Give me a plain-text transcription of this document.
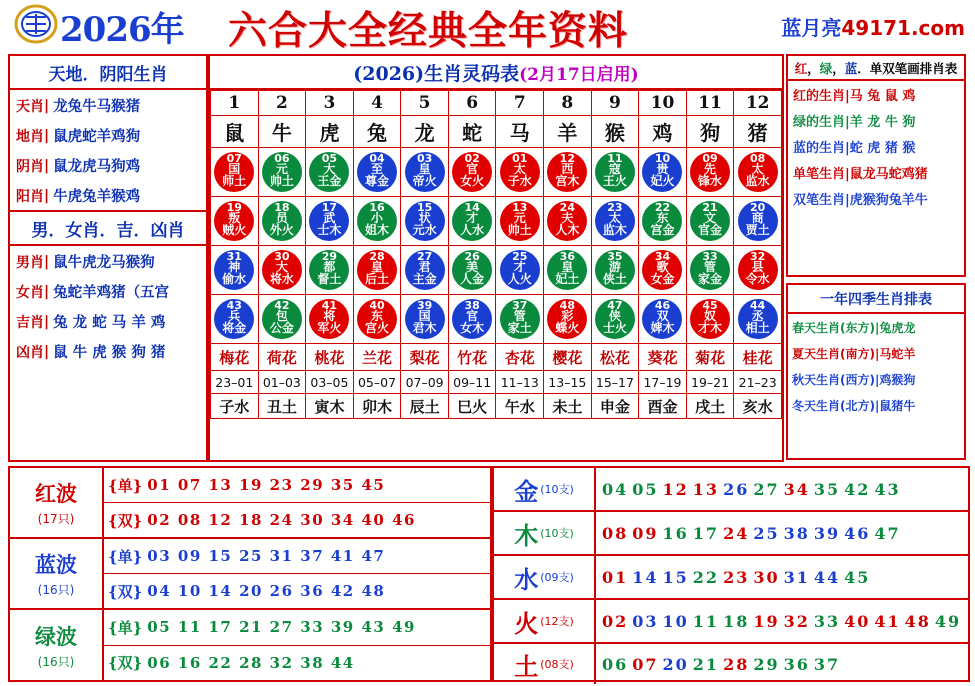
2026年 六合大全经典全年资料	蓝月亮49171.com
天地．阴阳生肖
天肖 | 龙兔牛马猴猪
地肖 | 鼠虎蛇羊鸡狗
阴肖 | 鼠龙虎马狗鸡
阳肖 | 牛虎兔羊猴鸡
男．女肖．吉．凶肖
男肖 | 鼠牛虎龙马猴狗
女肖 | 兔蛇羊鸡猪（五宫
吉肖 | 兔 龙 蛇 马 羊 鸡
凶肖 | 鼠 牛 虎 猴 狗 猪
(2026)生肖灵码表(2月17日启用)
1	2	3	4	5	6	7	8	9	10	11	12
鼠	牛	虎	兔	龙	蛇	马	羊	猴	鸡	狗	猪

07
国
师土	06
元
帅土	05
大
王金	04
至
尊金	03
皇
帝火	02
官
女火	01
太
子水	12
西
宫木	11
寇
王火	10
贵
妃火	09
先
锋水	08
太
监水

19
叛
贼火	18
员
外火	17
武
士木	16
小
姐木	15
状
元水	14
才
人水	13
元
帅土	24
夫
人木	23
太
监木	22
东
宫金	21
文
官金	20
商
贾土

31
神
偷水	30
大
将水	29
都
督土	28
皇
后土	27
君
主金	26
美
人金	25
才
人火	36
皇
妃土	35
游
侠土	34
歌
女金	33
管
家金	32
县
令水

43
兵
将金	42
包
公金	41
将
军火	40
东
宫火	39
国
君木	38
官
女木	37
管
家土	48
彩
蝶火	47
侠
士火	46
双
婢木	45
奴
才木	44
丞
相土

梅花	荷花	桃花	兰花	梨花	竹花	杏花	樱花	松花	葵花	菊花	桂花
23–01	01–03	03–05	05–07	07–09	09–11	11–13	13–15	15–17	17–19	19–21	21–23
子水	丑土	寅木	卯木	辰土	巳火	午水	未土	申金	酉金	戌土	亥水
红，绿，蓝．单双笔画排肖表
红的生肖|马 兔 鼠 鸡
绿的生肖|羊 龙 牛 狗
蓝的生肖|蛇 虎 猪 猴
单笔生肖|鼠龙马蛇鸡猪
双笔生肖|虎猴狗兔羊牛
一年四季生肖排表
春天生肖(东方)|兔虎龙
夏天生肖(南方)|马蛇羊
秋天生肖(西方)|鸡猴狗
冬天生肖(北方)|鼠猪牛
红波
(17只)
{单} 01 07 13 19 23 29 35 45
{双} 02 08 12 18 24 30 34 40 46
蓝波
(16只)
{单} 03 09 15 25 31 37 41 47
{双} 04 10 14 20 26 36 42 48
绿波
(16只)
{单} 05 11 17 21 27 33 39 43 49
{双} 06 16 22 28 32 38 44
金 (10支)	04 05 12 13 26 27 34 35 42 43
木 (10支)	08 09 16 17 24 25 38 39 46 47
水 (09支)	01 14 15 22 23 30 31 44 45
火 (12支)	02 03 10 11 18 19 32 33 40 41 48 49
土 (08支)	06 07 20 21 28 29 36 37
